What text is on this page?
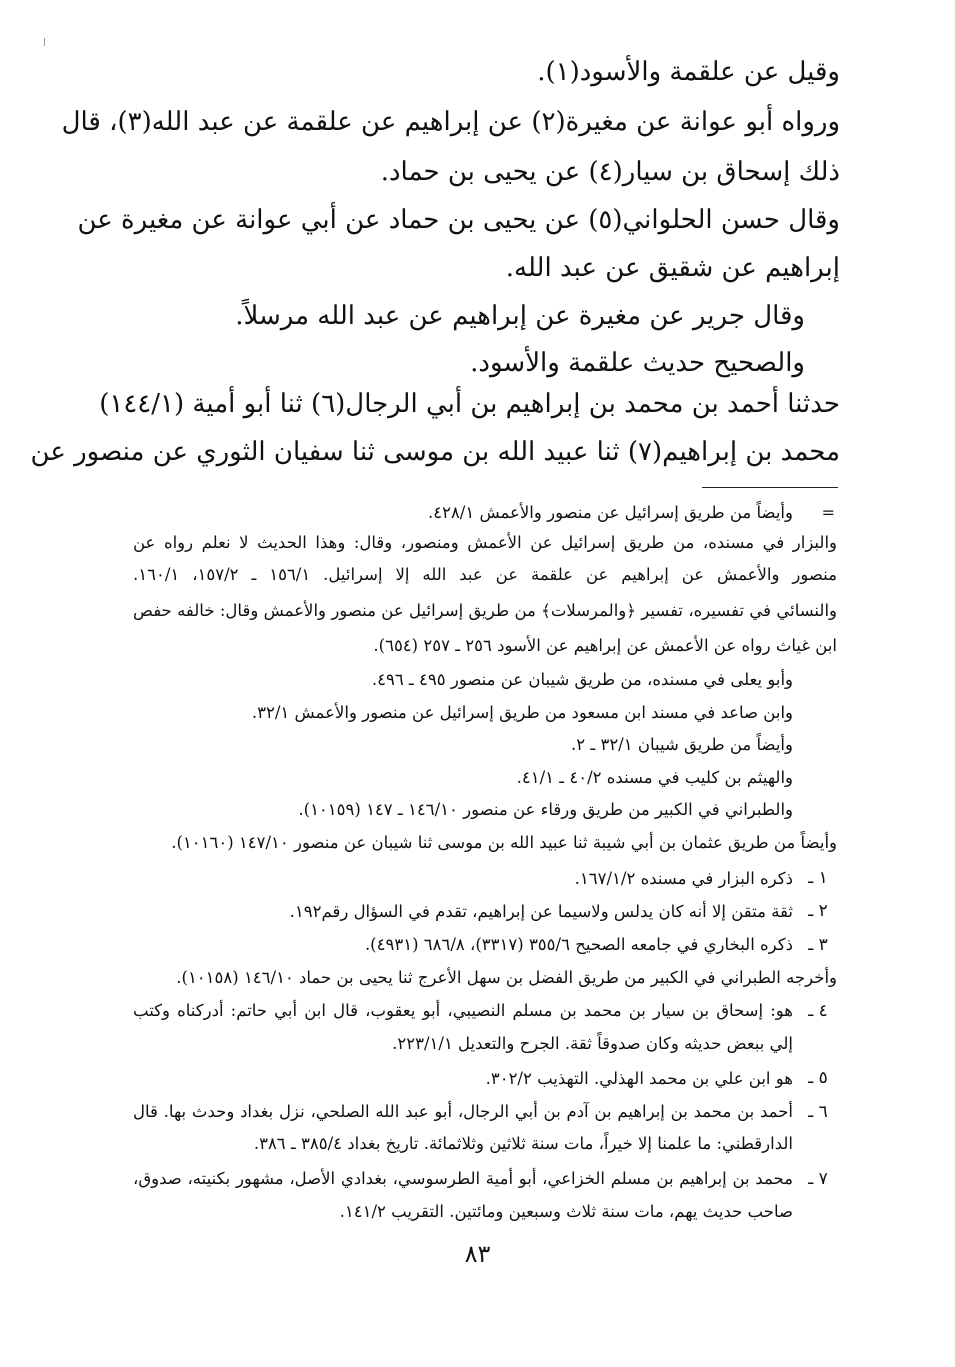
وقيل عن علقمة والأسود(١).
ورواه أبو عوانة عن مغيرة(٢) عن إبراهيم عن علقمة عن عبد الله(٣)، قال
ذلك إسحاق بن سيار(٤) عن يحيى بن حماد.
وقال حسن الحلواني(٥) عن يحيى بن حماد عن أبي عوانة عن مغيرة عن
إبراهيم عن شقيق عن عبد الله.
وقال جرير عن مغيرة عن إبراهيم عن عبد الله مرسلاً.
والصحيح حديث علقمة والأسود.
حدثنا أحمد بن محمد بن إبراهيم بن أبي الرجال(٦) ثنا أبو أمية (١٤٤/١)
محمد بن إبراهيم(٧) ثنا عبيد الله بن موسى ثنا سفيان الثوري عن منصور عن
=
وأيضاً من طريق إسرائيل عن منصور والأعمش ٤٢٨/١.
والبزار في مسنده، من طريق إسرائيل عن الأعمش ومنصور، وقال: وهذا الحديث لا نعلم رواه عن
منصور والأعمش عن إبراهيم عن علقمة عن عبد الله إلا إسرائيل. ١٥٦/١ ـ ١٥٧/٢، ١٦٠/١.
والنسائي في تفسيره، تفسير ﴿والمرسلات﴾ من طريق إسرائيل عن منصور والأعمش وقال: خالفه حفص
ابن غياث رواه عن الأعمش عن إبراهيم عن الأسود ٢٥٦ ـ ٢٥٧ (٦٥٤).
وأبو يعلى في مسنده، من طريق شيبان عن منصور ٤٩٥ ـ ٤٩٦.
وابن صاعد في مسند ابن مسعود من طريق إسرائيل عن منصور والأعمش ٣٢/١.
وأيضاً من طريق شيبان ٣٢/١ ـ ٢.
والهيثم بن كليب في مسنده ٤٠/٢ ـ ٤١/١.
والطبراني في الكبير من طريق ورقاء عن منصور ١٤٦/١٠ ـ ١٤٧ (١٠١٥٩).
وأيضاً من طريق عثمان بن أبي شيبة ثنا عبيد الله بن موسى ثنا شيبان عن منصور ١٤٧/١٠ (١٠١٦٠).
١ ـ
ذكره البزار في مسنده ١٦٧/١/٢.
٢ ـ
ثقة متقن إلا أنه كان يدلس ولاسيما عن إبراهيم، تقدم في السؤال رقم١٩٢.
٣ ـ
ذكره البخاري في جامعه الصحيح ٣٥٥/٦ (٣٣١٧)، ٦٨٦/٨ (٤٩٣١).
وأخرجه الطبراني في الكبير من طريق الفضل بن سهل الأعرج ثنا يحيى بن حماد ١٤٦/١٠ (١٠١٥٨).
٤ ـ
هو: إسحاق بن سيار بن محمد بن مسلم النصيبي، أبو يعقوب، قال ابن أبي حاتم: أدركناه وكتب
إلي ببعض حديثه وكان صدوقاً ثقة. الجرح والتعديل ٢٢٣/١/١.
٥ ـ
هو ابن علي بن محمد الهذلي. التهذيب ٣٠٢/٢.
٦ ـ
أحمد بن محمد بن إبراهيم بن آدم بن أبي الرجال، أبو عبد الله الصلحي، نزل بغداد وحدث بها. قال
الدارقطني: ما علمنا إلا خيراً، مات سنة ثلاثين وثلاثمائة. تاريخ بغداد ٣٨٥/٤ ـ ٣٨٦.
٧ ـ
محمد بن إبراهيم بن مسلم الخزاعي، أبو أمية الطرسوسي، بغدادي الأصل، مشهور بكنيته، صدوق،
صاحب حديث يهم، مات سنة ثلاث وسبعين ومائتين. التقريب ١٤١/٢.
٨٣
